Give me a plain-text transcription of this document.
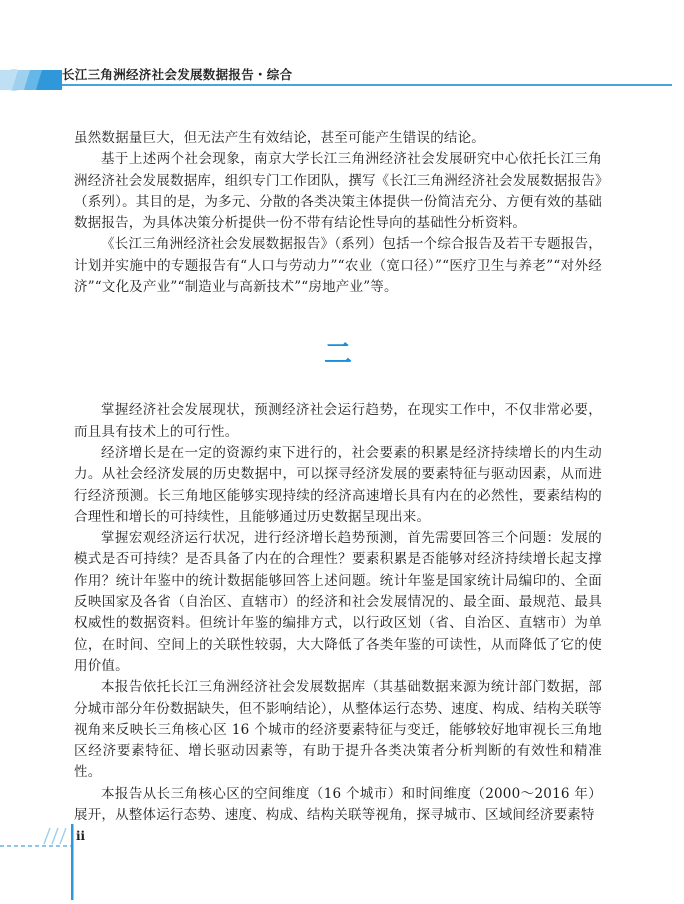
长江三角洲经济社会发展数据报告・综合

虽然数据量巨大，但无法产生有效结论，甚至可能产生错误的结论。

基于上述两个社会现象，南京大学长江三角洲经济社会发展研究中心依托长江三角洲经济社会发展数据库，组织专门工作团队，撰写《长江三角洲经济社会发展数据报告》（系列）。其目的是，为多元、分散的各类决策主体提供一份简洁充分、方便有效的基础数据报告，为具体决策分析提供一份不带有结论性导向的基础性分析资料。

《长江三角洲经济社会发展数据报告》（系列）包括一个综合报告及若干专题报告，计划并实施中的专题报告有“人口与劳动力”“农业（宽口径）”“医疗卫生与养老”“对外经济”“文化及产业”“制造业与高新技术”“房地产业”等。

二

掌握经济社会发展现状，预测经济社会运行趋势，在现实工作中，不仅非常必要，而且具有技术上的可行性。

经济增长是在一定的资源约束下进行的，社会要素的积累是经济持续增长的内生动力。从社会经济发展的历史数据中，可以探寻经济发展的要素特征与驱动因素，从而进行经济预测。长三角地区能够实现持续的经济高速增长具有内在的必然性，要素结构的合理性和增长的可持续性，且能够通过历史数据呈现出来。

掌握宏观经济运行状况，进行经济增长趋势预测，首先需要回答三个问题：发展的模式是否可持续？是否具备了内在的合理性？要素积累是否能够对经济持续增长起支撑作用？统计年鉴中的统计数据能够回答上述问题。统计年鉴是国家统计局编印的、全面反映国家及各省（自治区、直辖市）的经济和社会发展情况的、最全面、最规范、最具权威性的数据资料。但统计年鉴的编排方式，以行政区划（省、自治区、直辖市）为单位，在时间、空间上的关联性较弱，大大降低了各类年鉴的可读性，从而降低了它的使用价值。

本报告依托长江三角洲经济社会发展数据库（其基础数据来源为统计部门数据，部分城市部分年份数据缺失，但不影响结论），从整体运行态势、速度、构成、结构关联等视角来反映长三角核心区 16 个城市的经济要素特征与变迁，能够较好地审视长三角地区经济要素特征、增长驱动因素等，有助于提升各类决策者分析判断的有效性和精准性。

本报告从长三角核心区的空间维度（16 个城市）和时间维度（2000～2016 年）展开，从整体运行态势、速度、构成、结构关联等视角，探寻城市、区域间经济要素特

ii
